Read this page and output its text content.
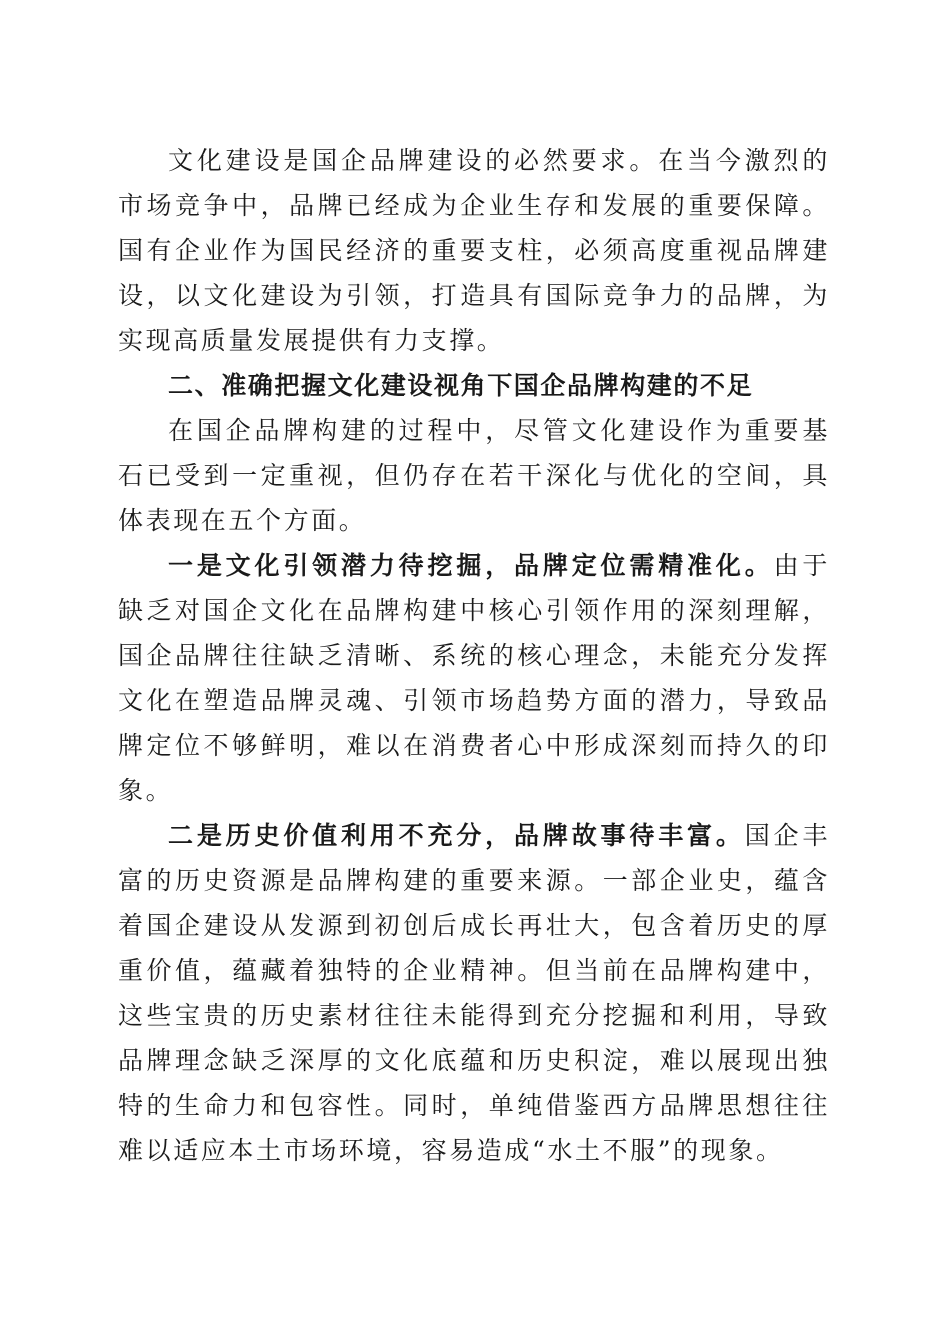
文化建设是国企品牌建设的必然要求。在当今激烈的市场竞争中，品牌已经成为企业生存和发展的重要保障。国有企业作为国民经济的重要支柱，必须高度重视品牌建设，以文化建设为引领，打造具有国际竞争力的品牌，为实现高质量发展提供有力支撑。

二、准确把握文化建设视角下国企品牌构建的不足

在国企品牌构建的过程中，尽管文化建设作为重要基石已受到一定重视，但仍存在若干深化与优化的空间，具体表现在五个方面。

一是文化引领潜力待挖掘，品牌定位需精准化。由于缺乏对国企文化在品牌构建中核心引领作用的深刻理解，国企品牌往往缺乏清晰、系统的核心理念，未能充分发挥文化在塑造品牌灵魂、引领市场趋势方面的潜力，导致品牌定位不够鲜明，难以在消费者心中形成深刻而持久的印象。

二是历史价值利用不充分，品牌故事待丰富。国企丰富的历史资源是品牌构建的重要来源。一部企业史，蕴含着国企建设从发源到初创后成长再壮大，包含着历史的厚重价值，蕴藏着独特的企业精神。但当前在品牌构建中，这些宝贵的历史素材往往未能得到充分挖掘和利用，导致品牌理念缺乏深厚的文化底蕴和历史积淀，难以展现出独特的生命力和包容性。同时，单纯借鉴西方品牌思想往往难以适应本土市场环境，容易造成“水土不服”的现象。
